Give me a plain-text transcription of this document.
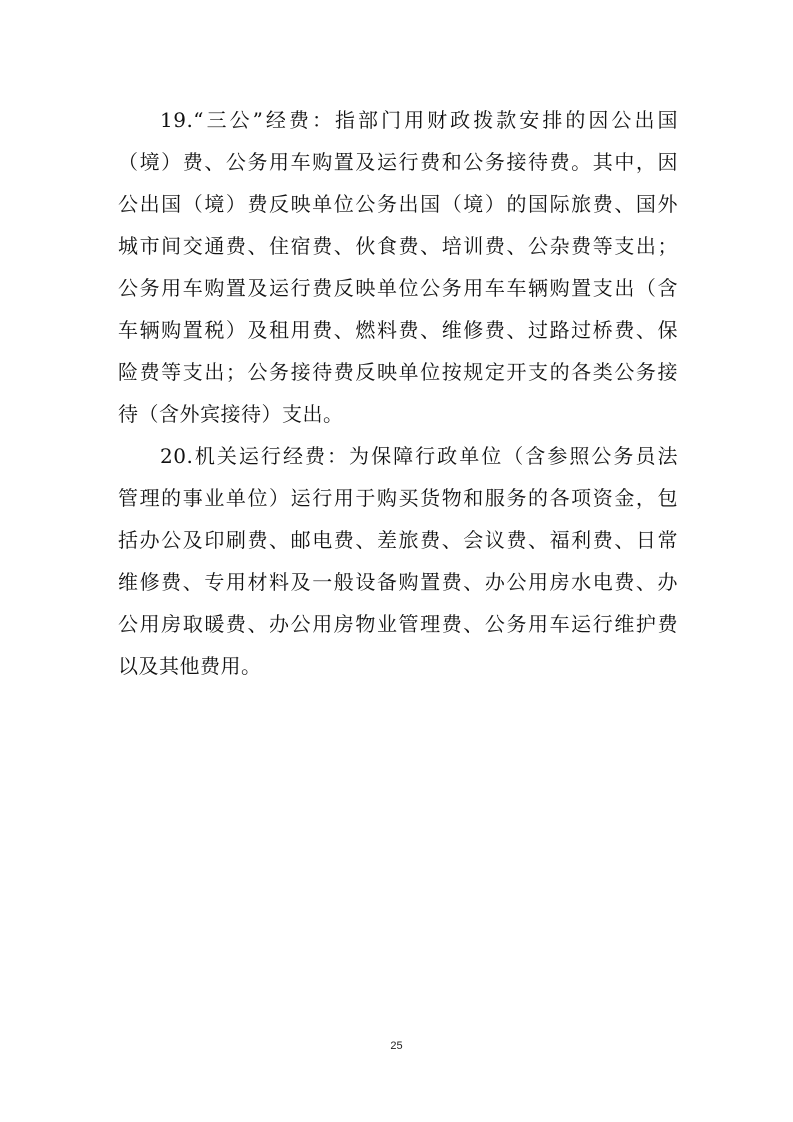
19.“三公”经费：指部门用财政拨款安排的因公出国
（境）费、公务用车购置及运行费和公务接待费。其中，因
公出国（境）费反映单位公务出国（境）的国际旅费、国外
城市间交通费、住宿费、伙食费、培训费、公杂费等支出；
公务用车购置及运行费反映单位公务用车车辆购置支出（含
车辆购置税）及租用费、燃料费、维修费、过路过桥费、保
险费等支出；公务接待费反映单位按规定开支的各类公务接
待（含外宾接待）支出。
20.机关运行经费：为保障行政单位（含参照公务员法
管理的事业单位）运行用于购买货物和服务的各项资金，包
括办公及印刷费、邮电费、差旅费、会议费、福利费、日常
维修费、专用材料及一般设备购置费、办公用房水电费、办
公用房取暖费、办公用房物业管理费、公务用车运行维护费
以及其他费用。
25
